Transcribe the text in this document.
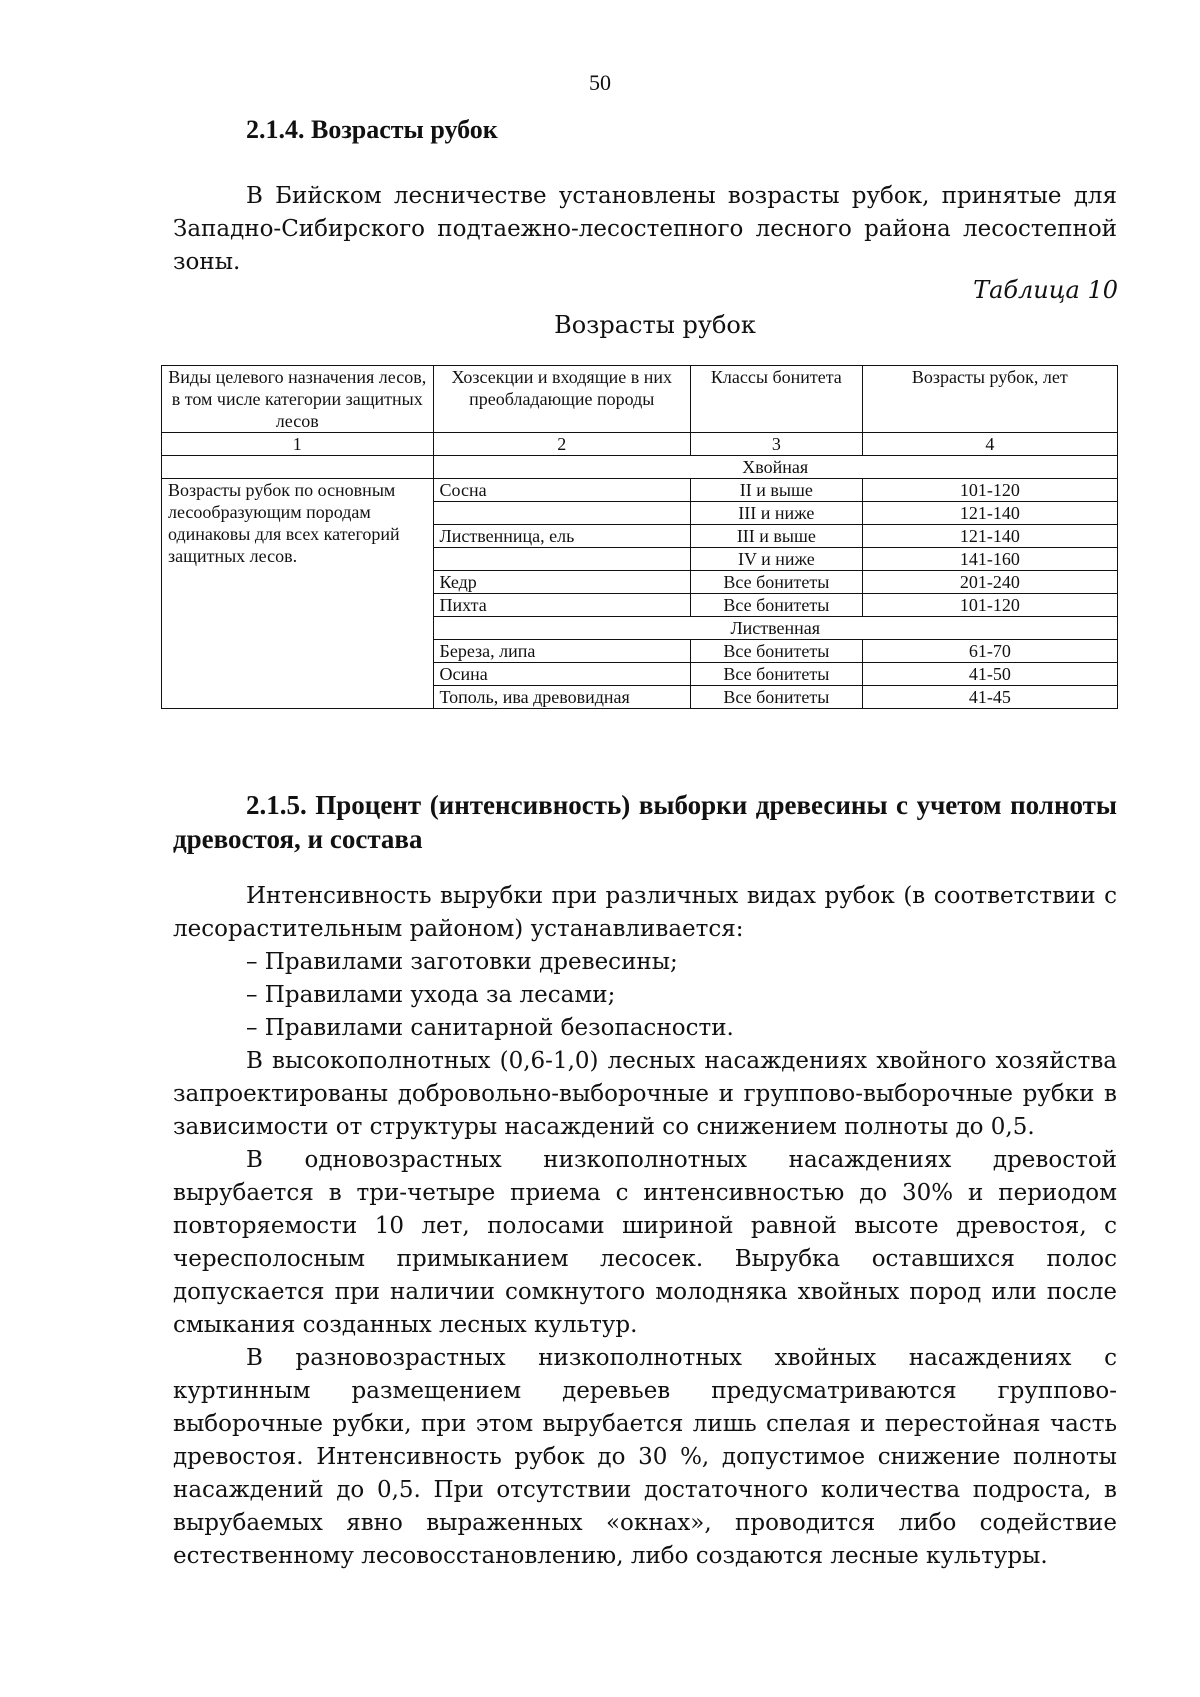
50
2.1.4. Возрасты рубок
В Бийском лесничестве установлены возрасты рубок, принятые для Западно-Сибирского подтаежно-лесостепного лесного района лесостепной зоны.
Таблица 10
Возрасты рубок
Виды целевого назначения лесов, в том числе категории защитных лесов	Хозсекции и входящие в них преобладающие породы	Классы бонитета	Возрасты рубок, лет
1	2	3	4
	Хвойная		
Возрасты рубок по основным лесообразующим породам одинаковы для всех категорий защитных лесов.	Сосна	II и выше	101-120
		III и ниже	121-140
	Лиственница, ель	III и выше	121-140
		IV и ниже	141-160
	Кедр	Все бонитеты	201-240
	Пихта	Все бонитеты	101-120
	Лиственная		
	Береза, липа	Все бонитеты	61-70
	Осина	Все бонитеты	41-50
	Тополь, ива древовидная	Все бонитеты	41-45
2.1.5. Процент (интенсивность) выборки древесины с учетом полноты древостоя, и состава
Интенсивность вырубки при различных видах рубок (в соответствии с лесорастительным районом) устанавливается:
– Правилами заготовки древесины;
– Правилами ухода за лесами;
– Правилами санитарной безопасности.
В высокополнотных (0,6-1,0) лесных насаждениях хвойного хозяйства запроектированы добровольно-выборочные и группово-выборочные рубки в зависимости от структуры насаждений со снижением полноты до 0,5.
В одновозрастных низкополнотных насаждениях древостой вырубается в три-четыре приема с интенсивностью до 30% и периодом повторяемости 10 лет, полосами шириной равной высоте древостоя, с чересполосным примыканием лесосек. Вырубка оставшихся полос допускается при наличии сомкнутого молодняка хвойных пород или после смыкания созданных лесных культур.
В разновозрастных низкополнотных хвойных насаждениях с куртинным размещением деревьев предусматриваются группово-выборочные рубки, при этом вырубается лишь спелая и перестойная часть древостоя. Интенсивность рубок до 30 %, допустимое снижение полноты насаждений до 0,5. При отсутствии достаточного количества подроста, в вырубаемых явно выраженных «окнах», проводится либо содействие естественному лесовосстановлению, либо создаются лесные культуры.
